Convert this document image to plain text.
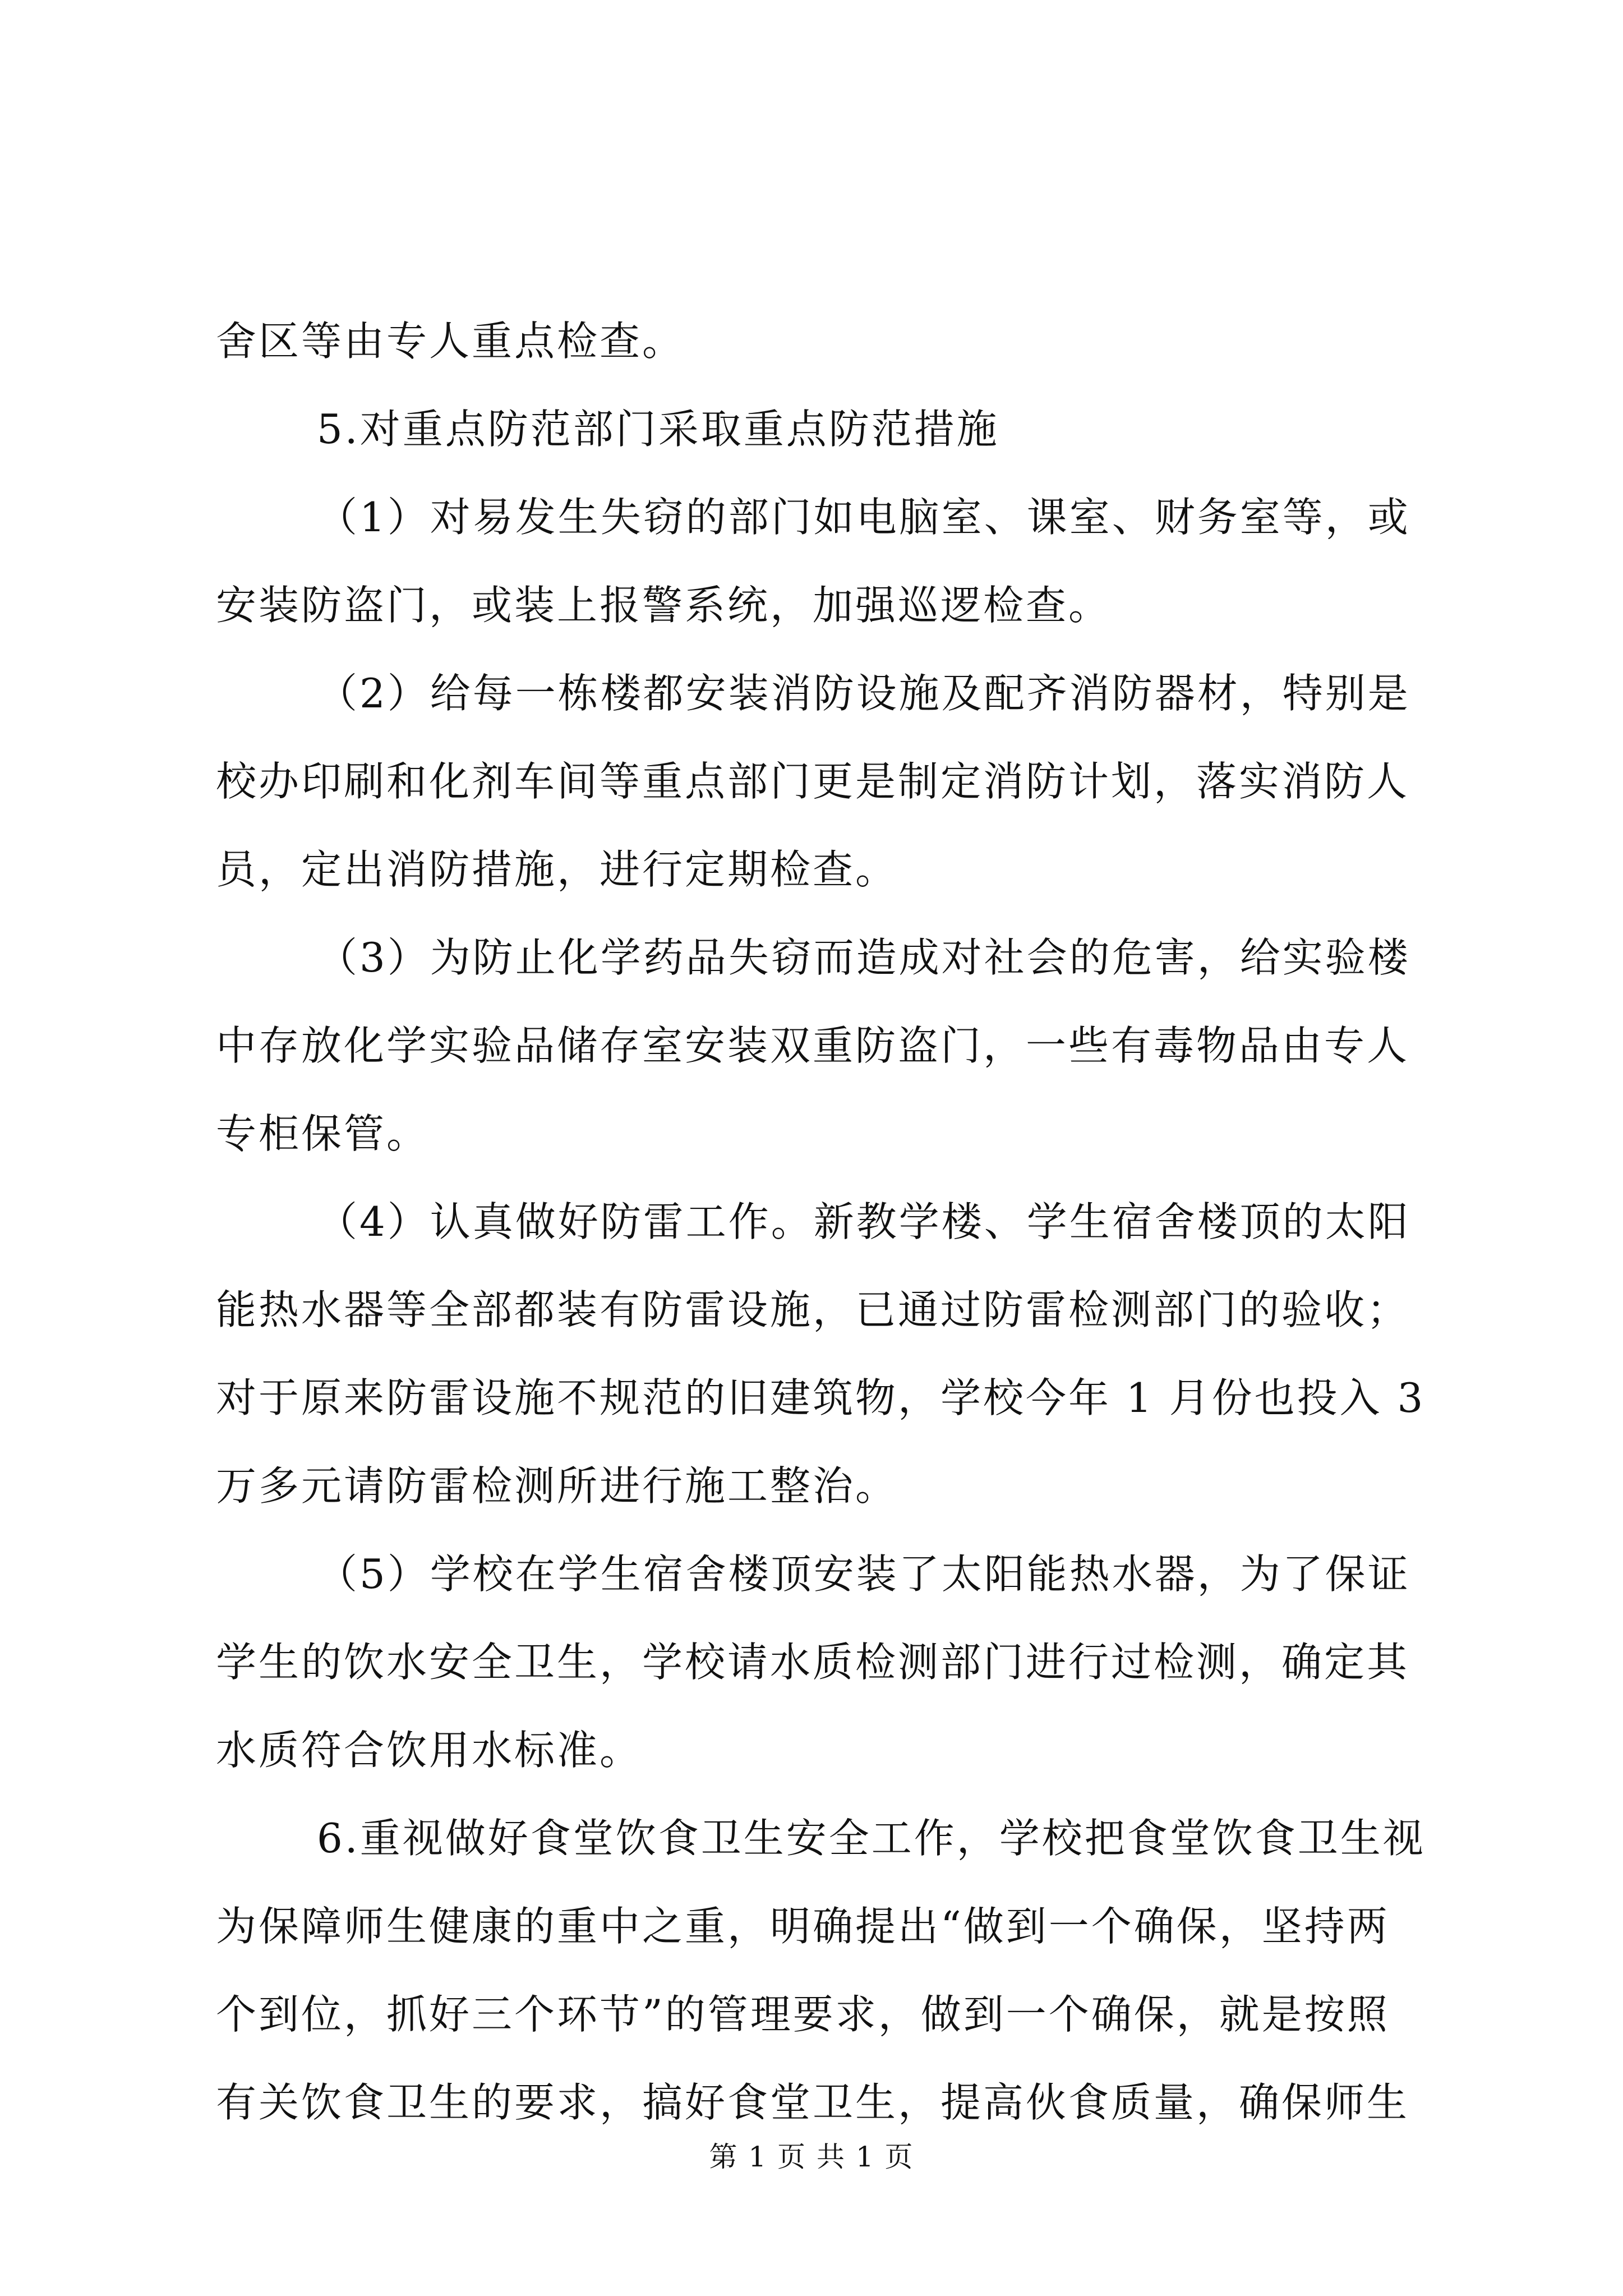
舍区等由专人重点检查。
5.对重点防范部门采取重点防范措施
（1）对易发生失窃的部门如电脑室、课室、财务室等，或
安装防盗门，或装上报警系统，加强巡逻检查。
（2）给每一栋楼都安装消防设施及配齐消防器材，特别是
校办印刷和化剂车间等重点部门更是制定消防计划，落实消防人
员，定出消防措施，进行定期检查。
（3）为防止化学药品失窃而造成对社会的危害，给实验楼
中存放化学实验品储存室安装双重防盗门，一些有毒物品由专人
专柜保管。
（4）认真做好防雷工作。新教学楼、学生宿舍楼顶的太阳
能热水器等全部都装有防雷设施，已通过防雷检测部门的验收；
对于原来防雷设施不规范的旧建筑物，学校今年 1 月份也投入 3
万多元请防雷检测所进行施工整治。
（5）学校在学生宿舍楼顶安装了太阳能热水器，为了保证
学生的饮水安全卫生，学校请水质检测部门进行过检测，确定其
水质符合饮用水标准。
6.重视做好食堂饮食卫生安全工作，学校把食堂饮食卫生视
为保障师生健康的重中之重，明确提出“做到一个确保，坚持两
个到位，抓好三个环节”的管理要求，做到一个确保，就是按照
有关饮食卫生的要求，搞好食堂卫生，提高伙食质量，确保师生
第 1 页 共 1 页
